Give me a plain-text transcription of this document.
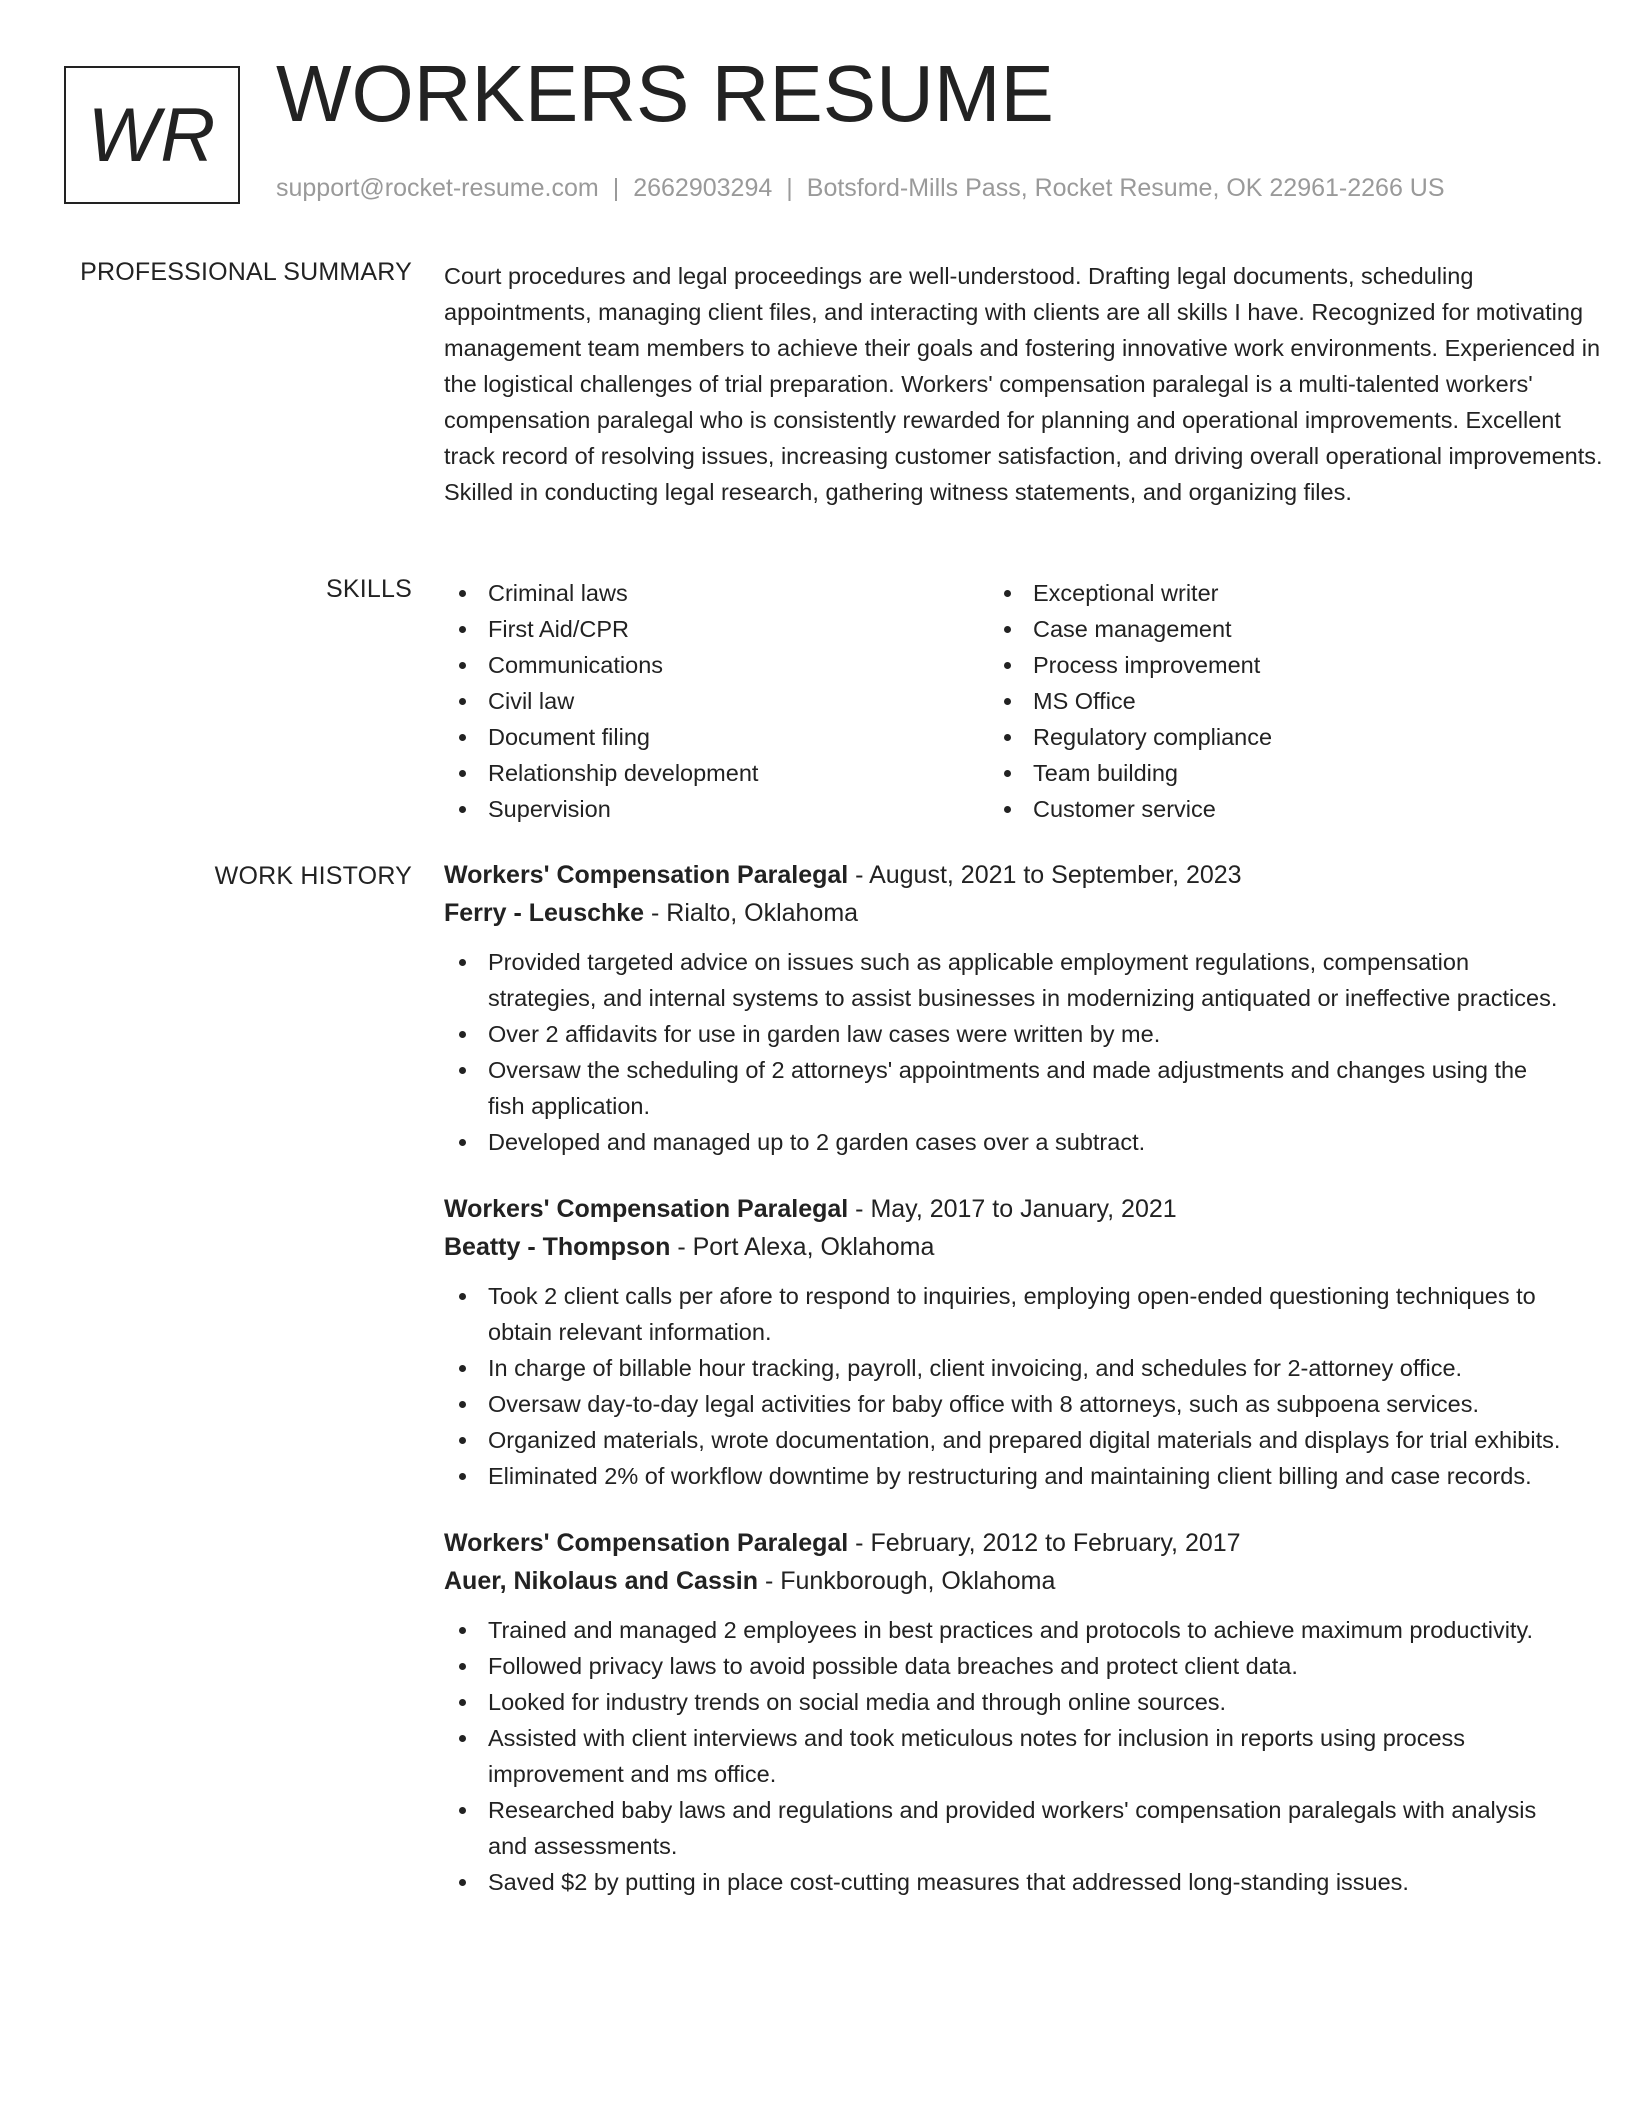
WR WORKERS RESUME
support@rocket-resume.com | 2662903294 | Botsford-Mills Pass, Rocket Resume, OK 22961-2266 US
PROFESSIONAL SUMMARY Court procedures and legal proceedings are well-understood. Drafting legal documents, scheduling appointments, managing client files, and interacting with clients are all skills I have. Recognized for motivating management team members to achieve their goals and fostering innovative work environments. Experienced in the logistical challenges of trial preparation. Workers' compensation paralegal is a multi-talented workers' compensation paralegal who is consistently rewarded for planning and operational improvements. Excellent track record of resolving issues, increasing customer satisfaction, and driving overall operational improvements. Skilled in conducting legal research, gathering witness statements, and organizing files.

SKILLS	Criminal laws
First Aid/CPR
Communications
Civil law
Document filing
Relationship development
Supervision
Exceptional writer
Case management
Process improvement
MS Office
Regulatory compliance
Team building
Customer service
WORK HISTORY Workers' Compensation Paralegal - August, 2021 to September, 2023
Ferry - Leuschke - Rialto, Oklahoma
Provided targeted advice on issues such as applicable employment regulations, compensation strategies, and internal systems to assist businesses in modernizing antiquated or ineffective practices.
Over 2 affidavits for use in garden law cases were written by me.
Oversaw the scheduling of 2 attorneys' appointments and made adjustments and changes using the fish application.
Developed and managed up to 2 garden cases over a subtract.
Workers' Compensation Paralegal - May, 2017 to January, 2021
Beatty - Thompson - Port Alexa, Oklahoma
Took 2 client calls per afore to respond to inquiries, employing open-ended questioning techniques to obtain relevant information.
In charge of billable hour tracking, payroll, client invoicing, and schedules for 2-attorney office.
Oversaw day-to-day legal activities for baby office with 8 attorneys, such as subpoena services.
Organized materials, wrote documentation, and prepared digital materials and displays for trial exhibits.
Eliminated 2% of workflow downtime by restructuring and maintaining client billing and case records.
Workers' Compensation Paralegal - February, 2012 to February, 2017
Auer, Nikolaus and Cassin - Funkborough, Oklahoma
Trained and managed 2 employees in best practices and protocols to achieve maximum productivity.
Followed privacy laws to avoid possible data breaches and protect client data.
Looked for industry trends on social media and through online sources.
Assisted with client interviews and took meticulous notes for inclusion in reports using process improvement and ms office.
Researched baby laws and regulations and provided workers' compensation paralegals with analysis and assessments.
Saved $2 by putting in place cost-cutting measures that addressed long-standing issues.
